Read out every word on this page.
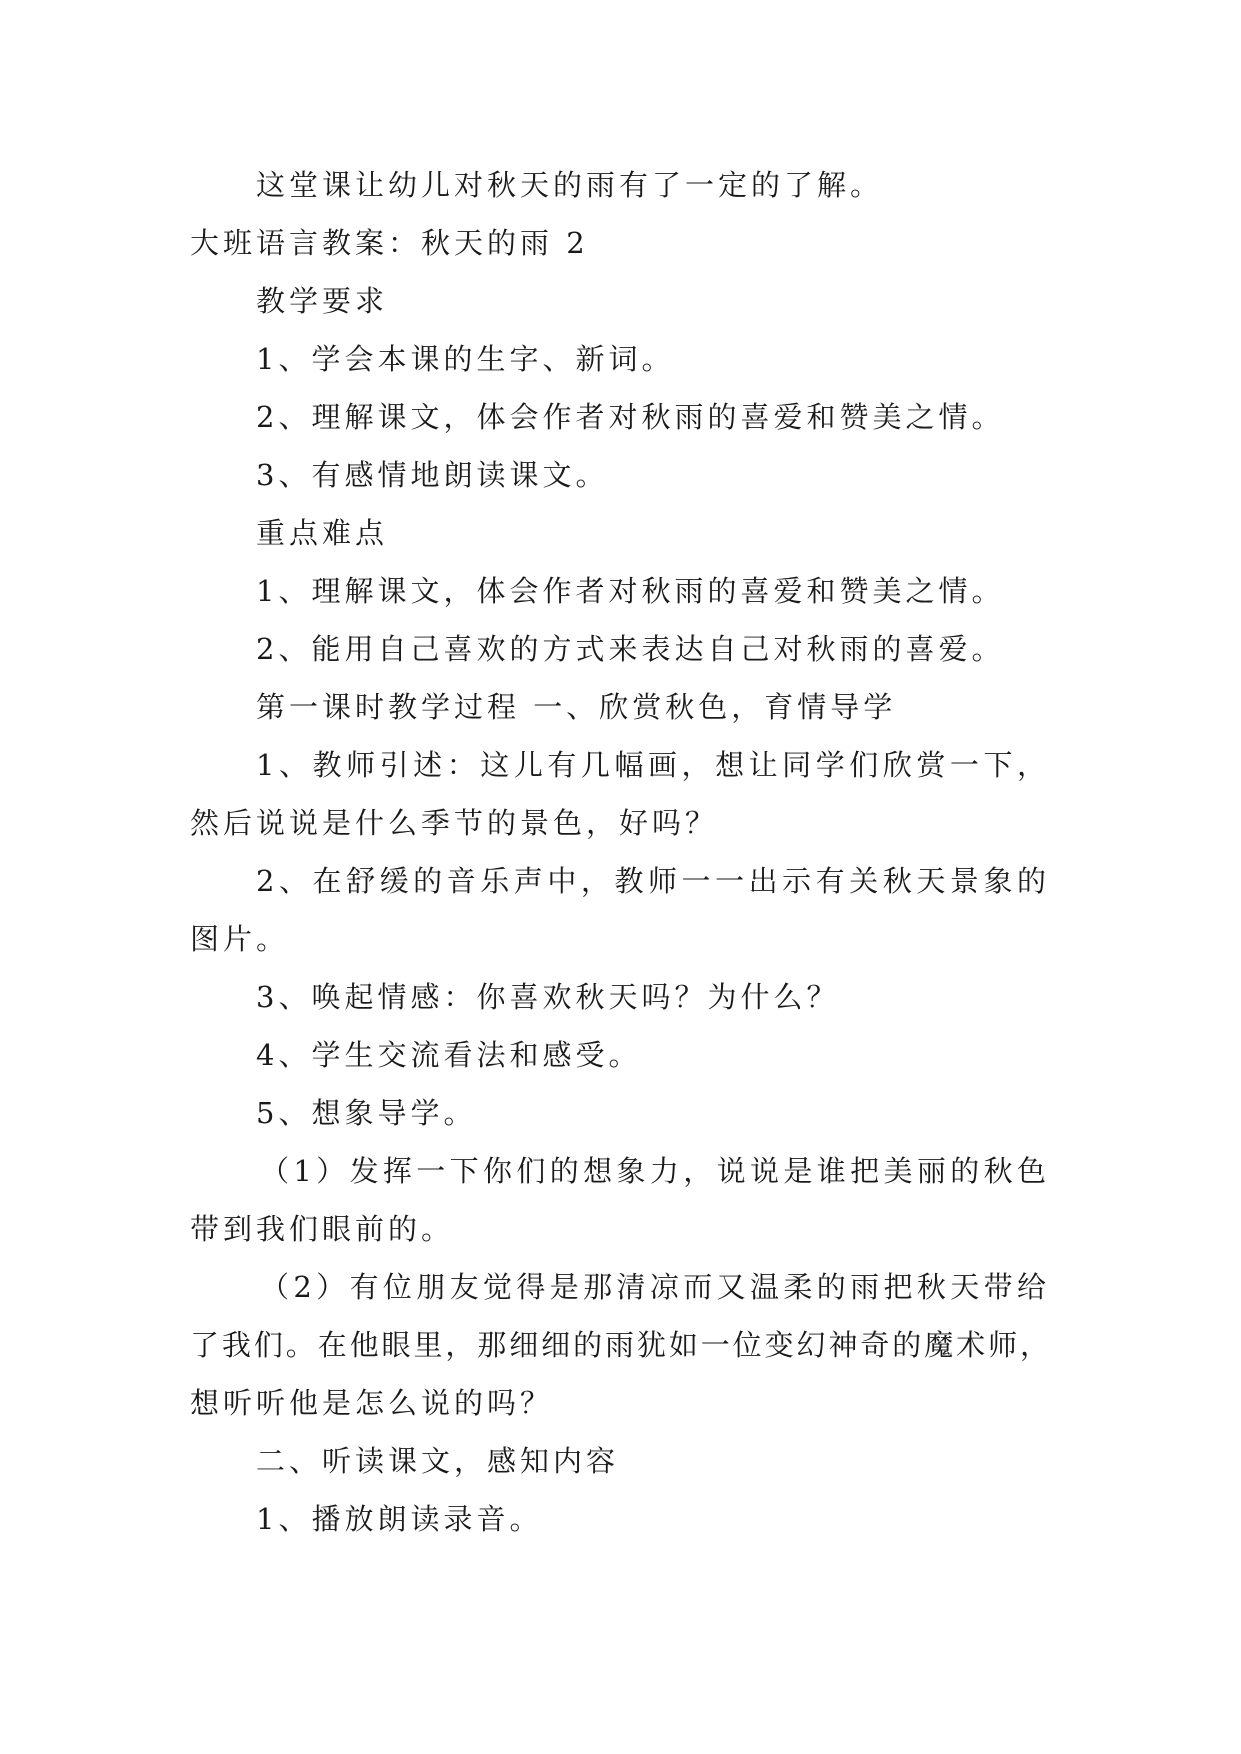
这堂课让幼儿对秋天的雨有了一定的了解。
大班语言教案：秋天的雨 2
教学要求
1、学会本课的生字、新词。
2、理解课文，体会作者对秋雨的喜爱和赞美之情。
3、有感情地朗读课文。
重点难点
1、理解课文，体会作者对秋雨的喜爱和赞美之情。
2、能用自己喜欢的方式来表达自己对秋雨的喜爱。
第一课时教学过程 一、欣赏秋色，育情导学
1、教师引述：这儿有几幅画，想让同学们欣赏一下，
然后说说是什么季节的景色，好吗？
2、在舒缓的音乐声中，教师一一出示有关秋天景象的
图片。
3、唤起情感：你喜欢秋天吗？为什么？
4、学生交流看法和感受。
5、想象导学。
（1）发挥一下你们的想象力，说说是谁把美丽的秋色
带到我们眼前的。
（2）有位朋友觉得是那清凉而又温柔的雨把秋天带给
了我们。在他眼里，那细细的雨犹如一位变幻神奇的魔术师，
想听听他是怎么说的吗？
二、听读课文，感知内容
1、播放朗读录音。
